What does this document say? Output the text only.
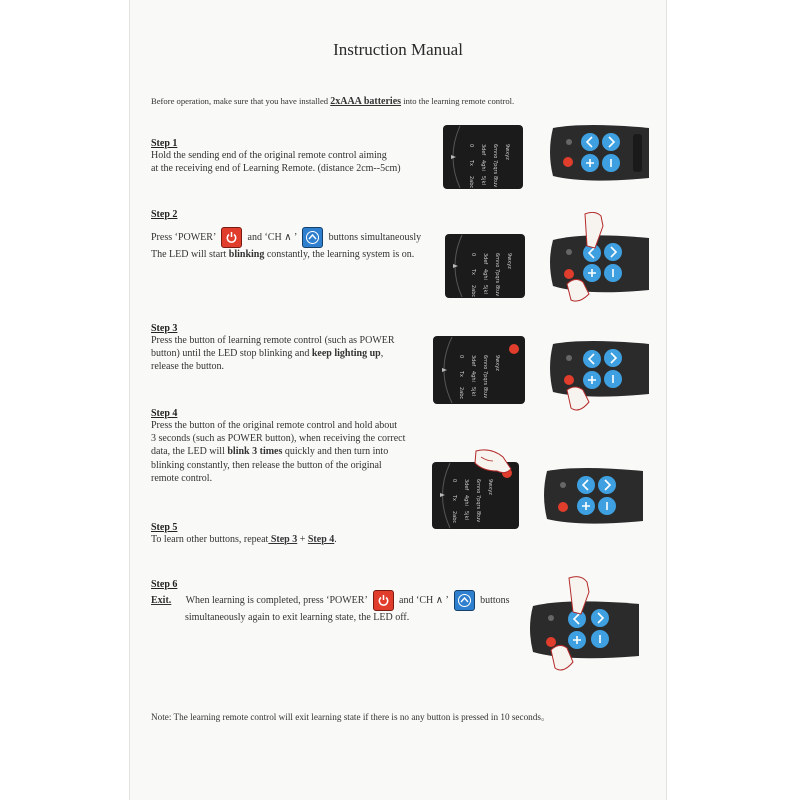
Instruction Manual
Before operation, make sure that you have installed 2xAAA batteries into the learning remote control.
Step 1
Hold the sending end of the original remote control aiming
at the receiving end of Learning Remote. (distance 2cm--5cm)
Step 2
Press ‘POWER’	and ‘CH ∧ ’	buttons simultaneously
The LED will start blinking constantly, the learning system is on.
Step 3
Press the button of learning remote control (such as POWER
button) until the LED stop blinking and keep lighting up,
release the button.
Step 4
Press the button of the original remote control and hold about
3 seconds (such as POWER button), when receiving the correct
data, the LED will blink 3 times quickly and then turn into
blinking constantly, then release the button of the original
remote control.
Step 5
To learn other buttons, repeat Step 3 + Step 4.
Step 6
Exit. When learning is completed, press ‘POWER’	and ‘CH ∧ ’	buttons
simultaneously again to exit learning state, the LED off.
Note: The learning remote control will exit learning state if there is no any button is pressed in 10 seconds。
0
Tx
2abc
3def
4ghi
5jkl
6mno
7pqrs
8tuv
9wxyz
0
Tx
2abc
3def
4ghi
5jkl
6mno
7pqrs
8tuv
9wxyz
0
Tx
2abc
3def
4ghi
5jkl
6mno
7pqrs
8tuv
9wxyz
0
Tx
2abc
3def
4ghi
5jkl
6mno
7pqrs
8tuv
9wxyz
